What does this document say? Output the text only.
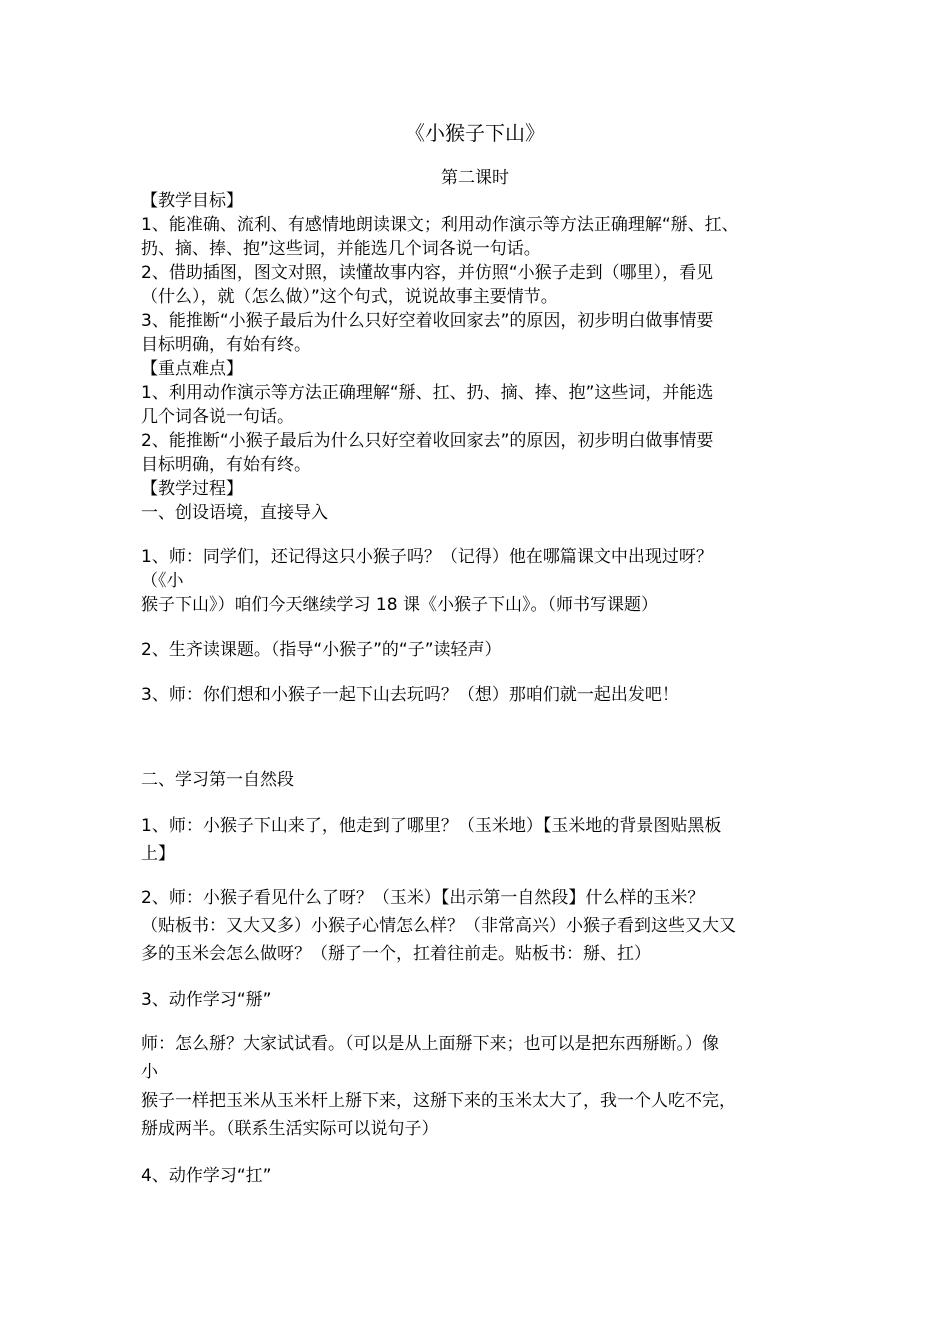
《小猴子下山》
第二课时
【教学目标】
1、能准确、流利、有感情地朗读课文；利用动作演示等方法正确理解“掰、扛、
扔、摘、捧、抱”这些词，并能选几个词各说一句话。
2、借助插图，图文对照，读懂故事内容，并仿照“小猴子走到（哪里），看见
（什么），就（怎么做）”这个句式，说说故事主要情节。
3、能推断“小猴子最后为什么只好空着收回家去”的原因，初步明白做事情要
目标明确，有始有终。
【重点难点】
1、利用动作演示等方法正确理解“掰、扛、扔、摘、捧、抱”这些词，并能选
几个词各说一句话。
2、能推断“小猴子最后为什么只好空着收回家去”的原因，初步明白做事情要
目标明确，有始有终。
【教学过程】
一、创设语境，直接导入
1、师：同学们，还记得这只小猴子吗？（记得）他在哪篇课文中出现过呀？
（《小
猴子下山》）咱们今天继续学习 18 课《小猴子下山》。（师书写课题）
2、生齐读课题。（指导“小猴子”的“子”读轻声）
3、师：你们想和小猴子一起下山去玩吗？（想）那咱们就一起出发吧！
二、学习第一自然段
1、师：小猴子下山来了，他走到了哪里？（玉米地）【玉米地的背景图贴黑板
上】
2、师：小猴子看见什么了呀？（玉米）【出示第一自然段】什么样的玉米？
（贴板书：又大又多）小猴子心情怎么样？（非常高兴）小猴子看到这些又大又
多的玉米会怎么做呀？（掰了一个，扛着往前走。贴板书：掰、扛）
3、动作学习“掰”
师：怎么掰？大家试试看。（可以是从上面掰下来；也可以是把东西掰断。）像
小
猴子一样把玉米从玉米杆上掰下来，这掰下来的玉米太大了，我一个人吃不完，
掰成两半。（联系生活实际可以说句子）
4、动作学习“扛”
